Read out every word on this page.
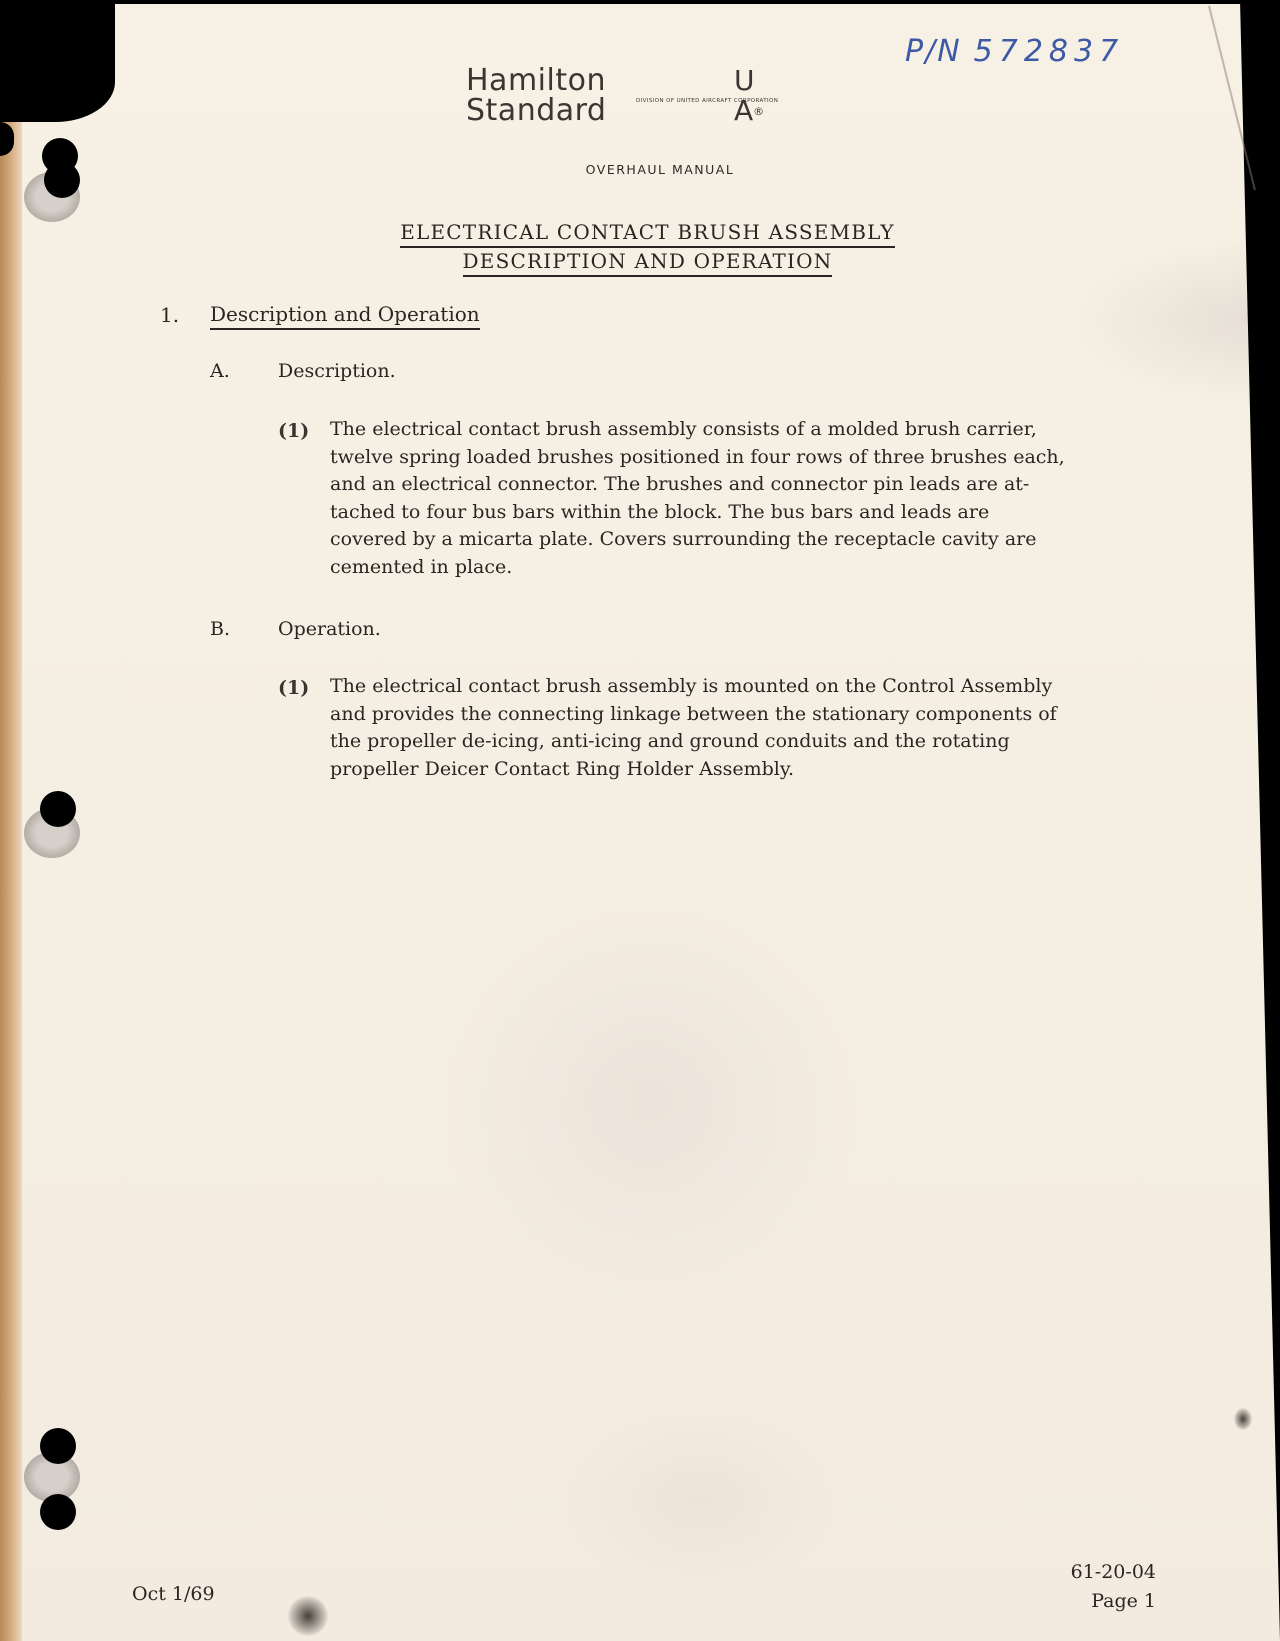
Hamilton
Standard	DIVISION OF UNITED AIRCRAFT CORPORATION
U
A®
OVERHAUL MANUAL
P/N 572837
ELECTRICAL CONTACT BRUSH ASSEMBLY
DESCRIPTION AND OPERATION
1. Description and Operation
A.	Description.
(1) The electrical contact brush assembly consists of a molded brush carrier,
twelve spring loaded brushes positioned in four rows of three brushes each,
and an electrical connector. The brushes and connector pin leads are at-
tached to four bus bars within the block. The bus bars and leads are
covered by a micarta plate. Covers surrounding the receptacle cavity are
cemented in place.
B.	Operation.
(1) The electrical contact brush assembly is mounted on the Control Assembly
and provides the connecting linkage between the stationary components of
the propeller de-icing, anti-icing and ground conduits and the rotating
propeller Deicer Contact Ring Holder Assembly.
Oct 1/69
61-20-04
Page 1
